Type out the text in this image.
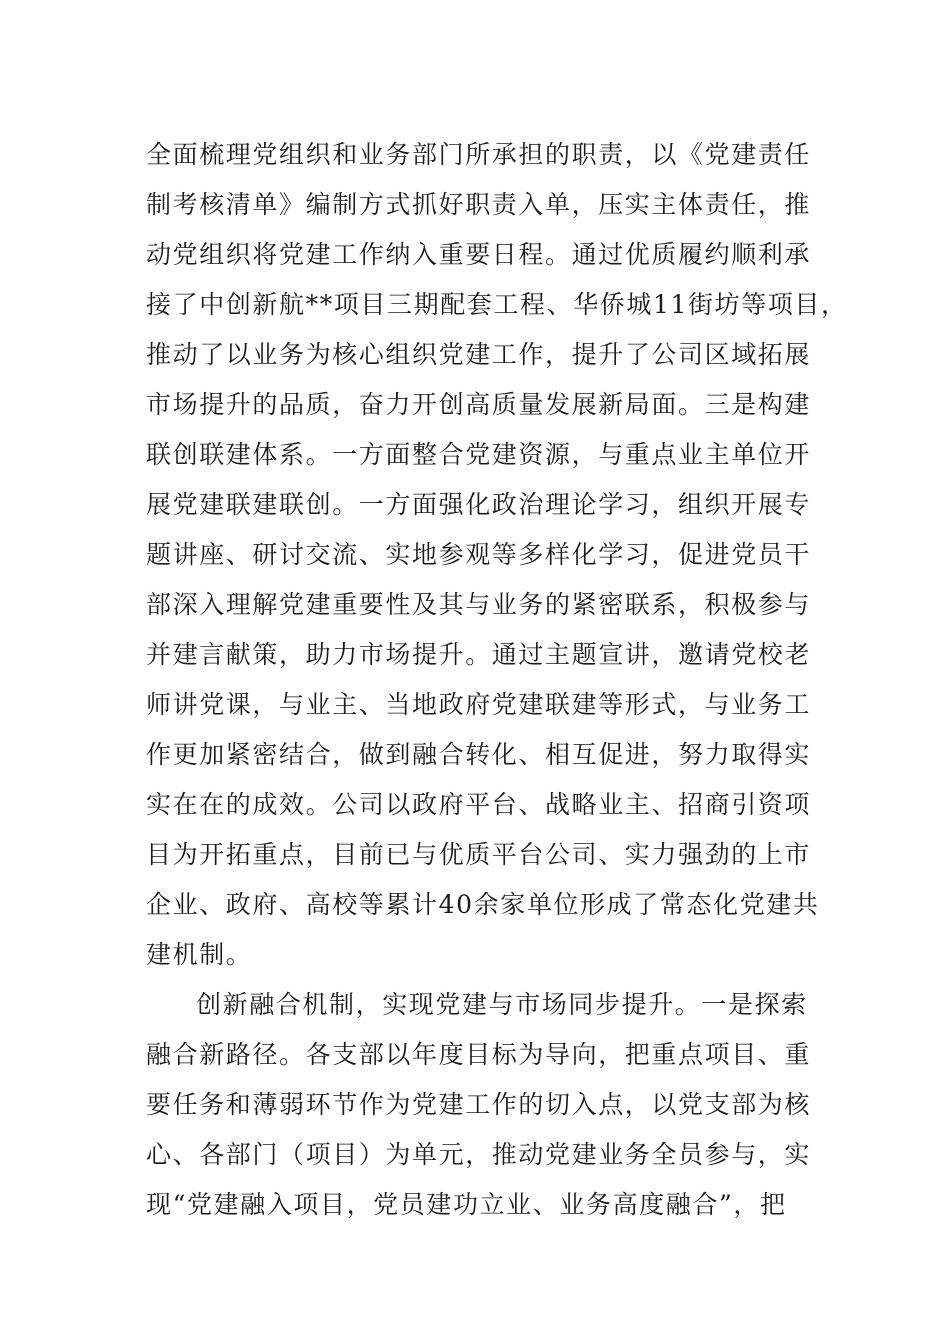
全面梳理党组织和业务部门所承担的职责，以《党建责任
制考核清单》编制方式抓好职责入单，压实主体责任，推
动党组织将党建工作纳入重要日程。通过优质履约顺利承
接了中创新航**项目三期配套工程、华侨城11街坊等项目，
推动了以业务为核心组织党建工作，提升了公司区域拓展
市场提升的品质，奋力开创高质量发展新局面。三是构建
联创联建体系。一方面整合党建资源，与重点业主单位开
展党建联建联创。一方面强化政治理论学习，组织开展专
题讲座、研讨交流、实地参观等多样化学习，促进党员干
部深入理解党建重要性及其与业务的紧密联系，积极参与
并建言献策，助力市场提升。通过主题宣讲，邀请党校老
师讲党课，与业主、当地政府党建联建等形式，与业务工
作更加紧密结合，做到融合转化、相互促进，努力取得实
实在在的成效。公司以政府平台、战略业主、招商引资项
目为开拓重点，目前已与优质平台公司、实力强劲的上市
企业、政府、高校等累计40余家单位形成了常态化党建共
建机制。
创新融合机制，实现党建与市场同步提升。一是探索
融合新路径。各支部以年度目标为导向，把重点项目、重
要任务和薄弱环节作为党建工作的切入点，以党支部为核
心、各部门（项目）为单元，推动党建业务全员参与，实
现“党建融入项目，党员建功立业、业务高度融合”，把
